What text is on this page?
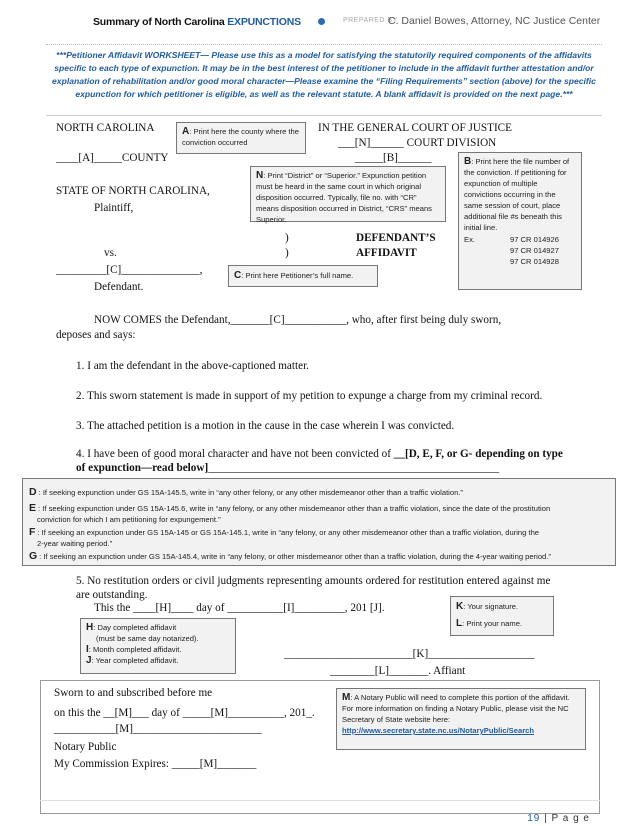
Summary of North Carolina EXPUNCTIONS	PREPARED BY
C. Daniel Bowes, Attorney, NC Justice Center
***Petitioner Affidavit WORKSHEET— Please use this as a model for satisfying the statutorily required components of the affidavits specific to each type of expunction. It may be in the best interest of the petitioner to include in the affidavit further attestation and/or explanation of rehabilitation and/or good moral character—Please examine the “Filing Requirements” section (above) for the specific expunction for which petitioner is eligible, as well as the relevant statute. A blank affidavit is provided on the next page.***
NORTH CAROLINA
____[A]_____COUNTY
IN THE GENERAL COURT OF JUSTICE
___[N]______ COURT DIVISION
_____[B]______
STATE OF NORTH CAROLINA,
Plaintiff,
)
)
DEFENDANT’S
AFFIDAVIT
vs.
_________[C]______________,
Defendant.
A: Print here the county where the conviction occurred
N: Print “District” or “Superior.” Expunction petition must be heard in the same court in which original disposition occurred. Typically, file no. with “CR” means disposition occurred in District, “CRS” means Superior.
B: Print here the file number of the conviction. If petitioning for expunction of multiple convictions occurring in the same session of court, place additional file #s beneath this initial line.
Ex.	97 CR 014926
97 CR 014927
97 CR 014928
C: Print here Petitioner’s full name.
NOW COMES the Defendant,_______[C]___________, who, after first being duly sworn,
deposes and says:
1. I am the defendant in the above-captioned matter.
2. This sworn statement is made in support of my petition to expunge a charge from my criminal record.
3. The attached petition is a motion in the cause in the case wherein I was convicted.
4. I have been of good moral character and have not been convicted of __[D, E, F, or G- depending on type
of expunction—read below]____________________________________________________
D : If seeking expunction under GS 15A-145.5, write in “any other felony, or any other misdemeanor other than a traffic violation.”
E : If seeking expunction under GS 15A-145.6, write in “any felony, or any other misdemeanor other than a traffic violation, since the date of the prostitution
conviction for which I am petitioning for expungement.”
F : If seeking an expunction under GS 15A-145 or GS 15A-145.1, write in “any felony, or any other misdemeanor other than a traffic violation, during the
2-year waiting period.”
G : If seeking an expunction under GS 15A-145.4, write in “any felony, or other misdemeanor other than a traffic violation, during the 4-year waiting period.”
5. No restitution orders or civil judgments representing amounts ordered for restitution entered against me
are outstanding.
This the ____[H]____ day of __________[I]_________, 201 [J].
H: Day completed affidavit
(must be same day notarized).
I: Month completed affidavit.
J: Year completed affidavit.
K: Your signature.
L: Print your name.
_______________________[K]___________________
________[L]_______. Affiant
Sworn to and subscribed before me
on this the __[M]___ day of _____[M]__________, 201_.
___________[M]_______________________
Notary Public
My Commission Expires: _____[M]_______
M: A Notary Public will need to complete this portion of the affidavit. For more information on finding a Notary Public, please visit the NC Secretary of State website here:
http://www.secretary.state.nc.us/NotaryPublic/Search
19 | P a g e
